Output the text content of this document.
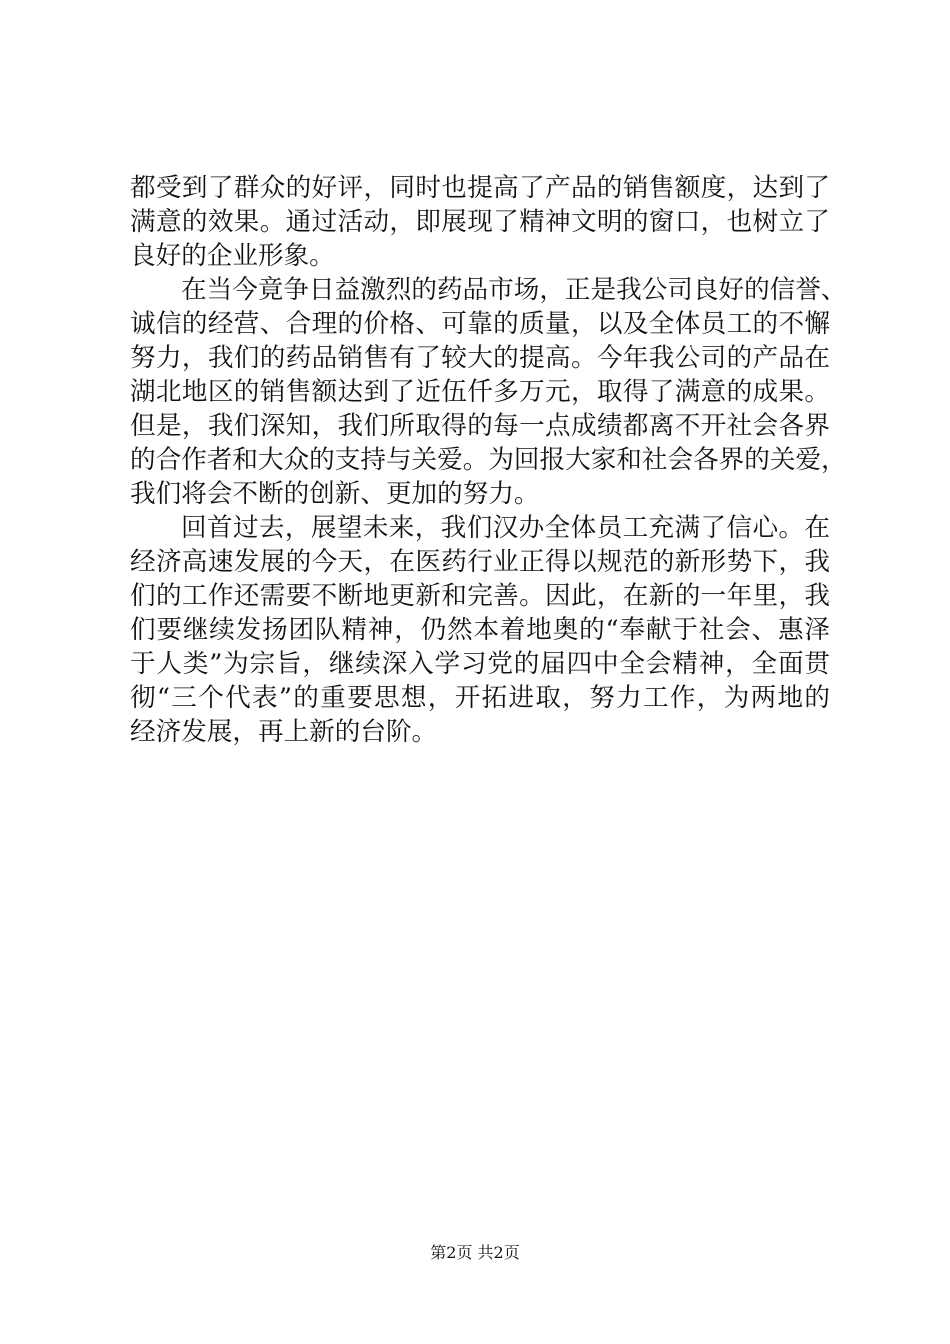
都受到了群众的好评，同时也提高了产品的销售额度，达到了
满意的效果。通过活动，即展现了精神文明的窗口，也树立了
良好的企业形象。
在当今竟争日益激烈的药品市场，正是我公司良好的信誉、
诚信的经营、合理的价格、可靠的质量，以及全体员工的不懈
努力，我们的药品销售有了较大的提高。今年我公司的产品在
湖北地区的销售额达到了近伍仟多万元，取得了满意的成果。
但是，我们深知，我们所取得的每一点成绩都离不开社会各界
的合作者和大众的支持与关爱。为回报大家和社会各界的关爱，
我们将会不断的创新、更加的努力。
回首过去，展望未来，我们汉办全体员工充满了信心。在
经济高速发展的今天，在医药行业正得以规范的新形势下，我
们的工作还需要不断地更新和完善。因此，在新的一年里，我
们要继续发扬团队精神，仍然本着地奥的“奉献于社会、惠泽
于人类”为宗旨，继续深入学习党的届四中全会精神，全面贯
彻“三个代表”的重要思想，开拓进取，努力工作，为两地的
经济发展，再上新的台阶。
第2页 共2页
